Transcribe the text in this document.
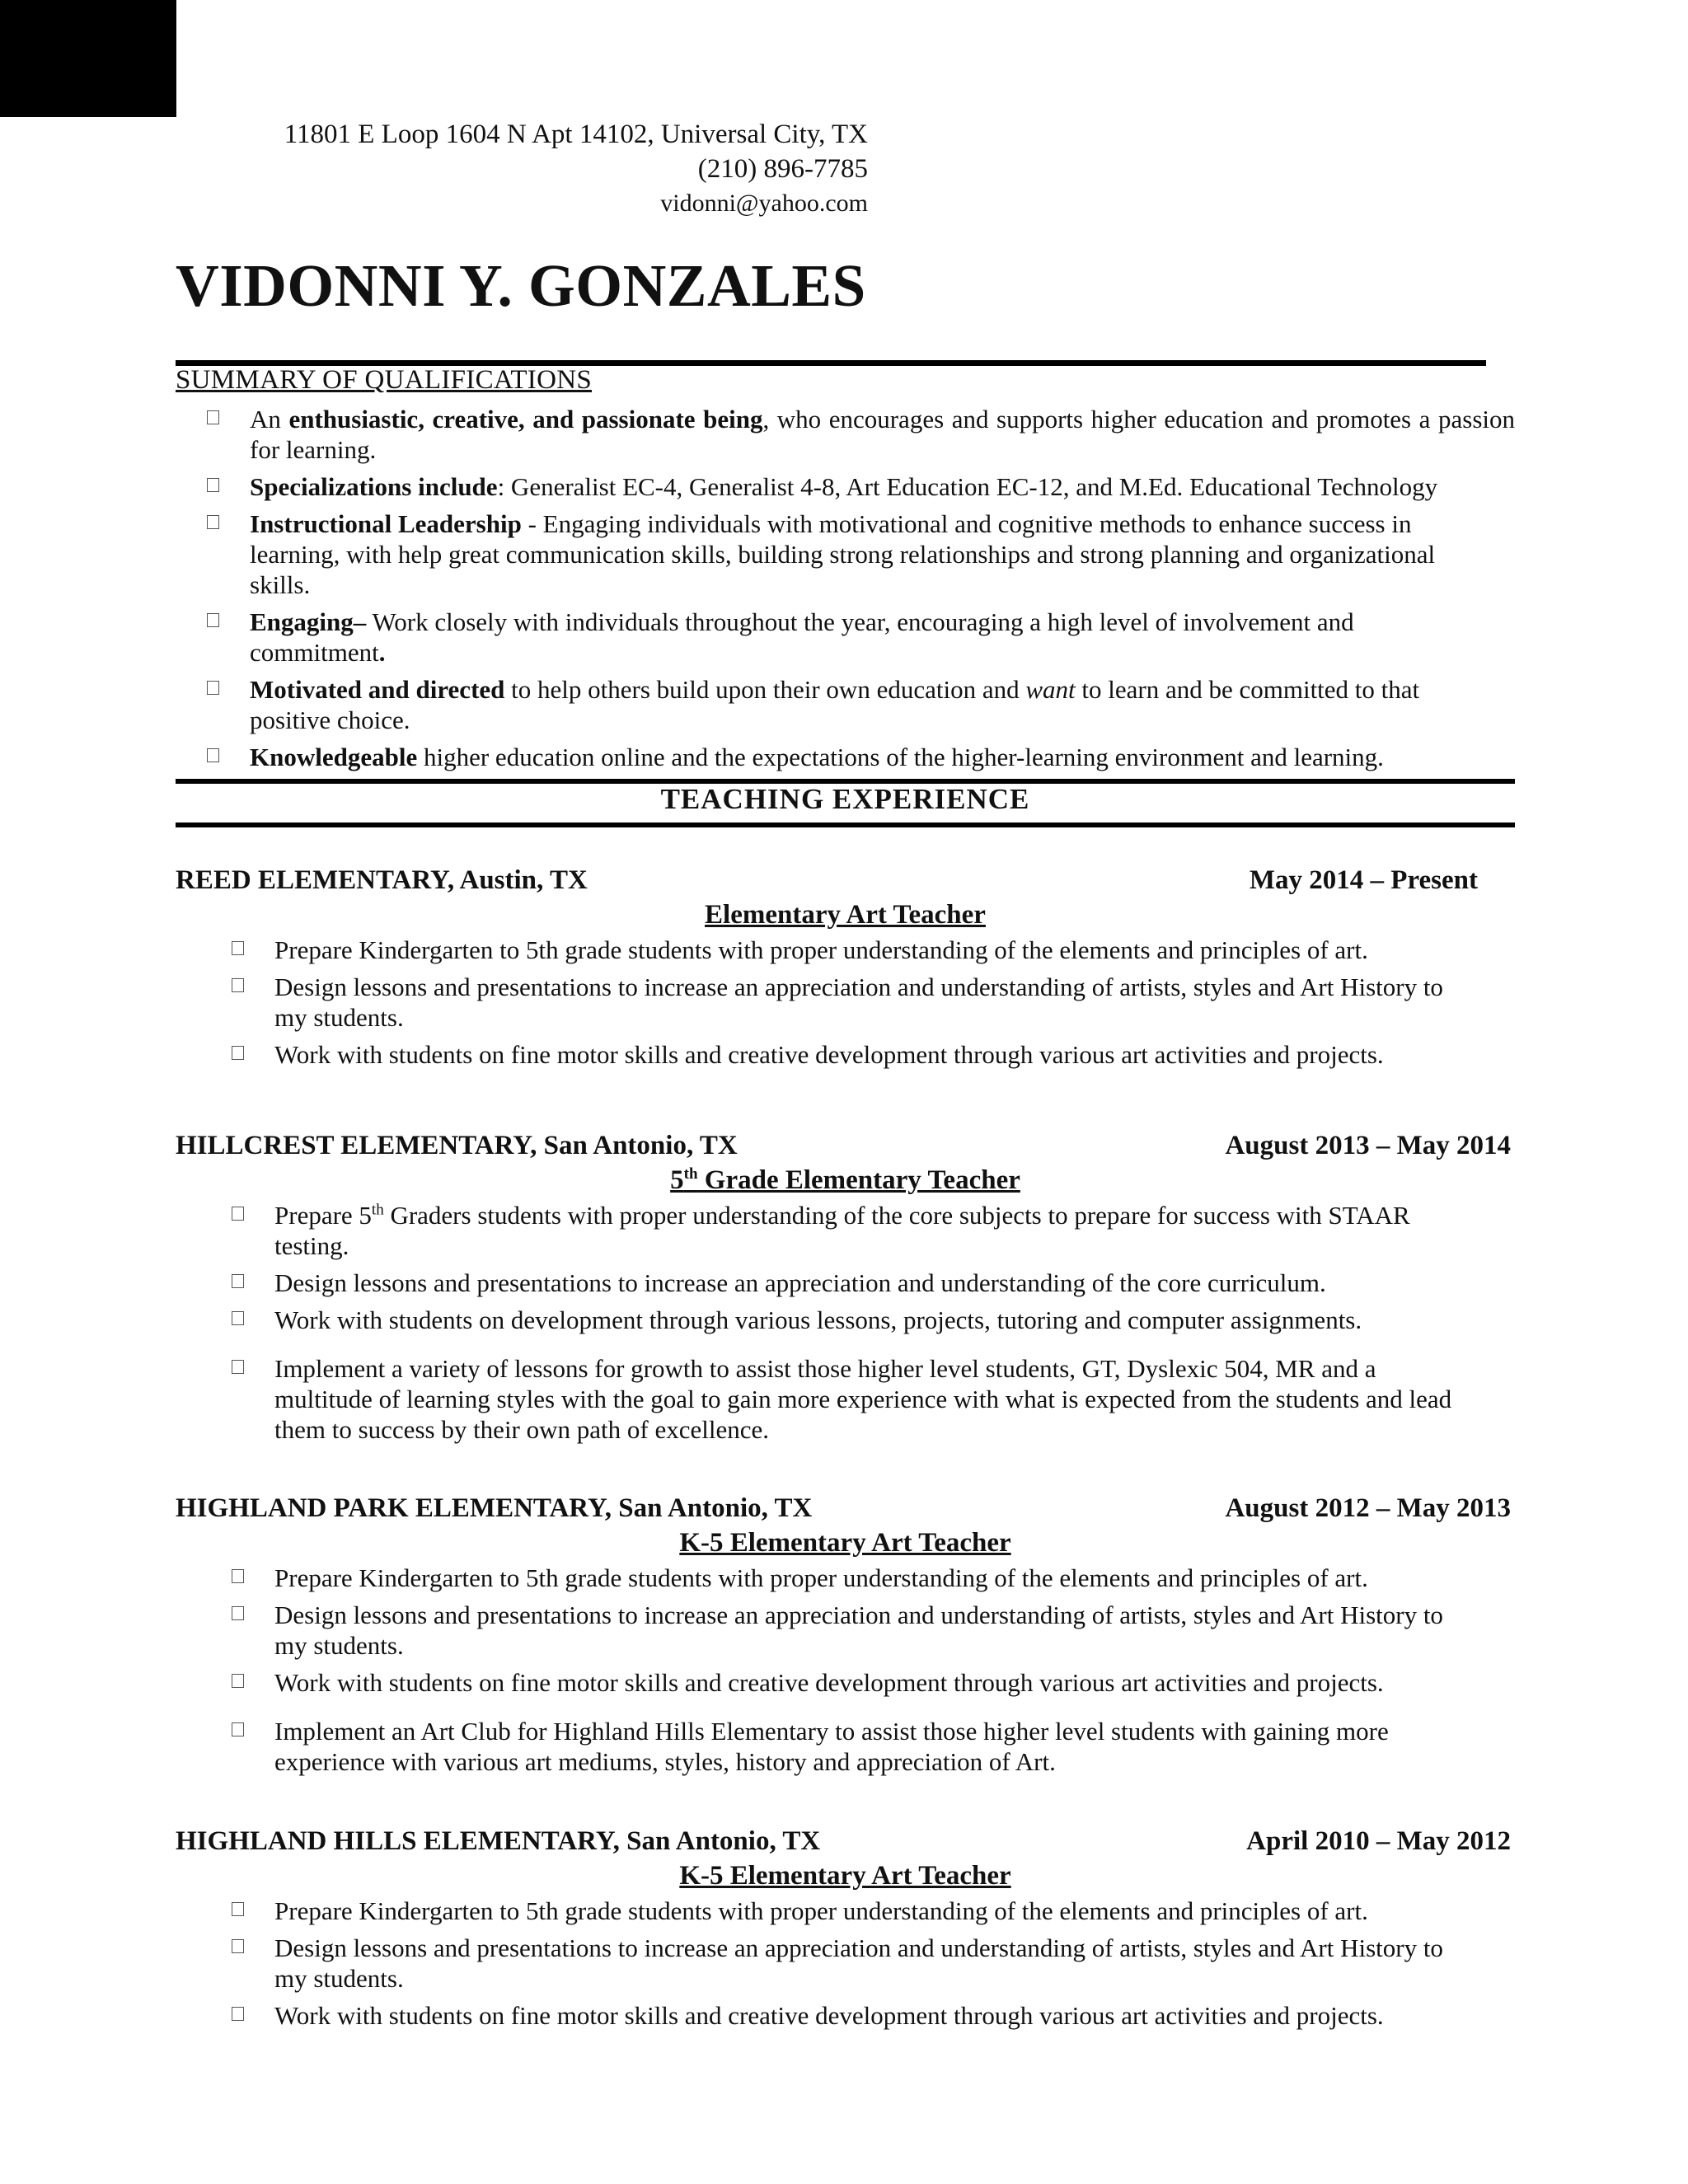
11801 E Loop 1604 N Apt 14102, Universal City, TX
(210) 896-7785
vidonni@yahoo.com
VIDONNI Y. GONZALES
SUMMARY OF QUALIFICATIONS
An enthusiastic, creative, and passionate being, who encourages and supports higher education and promotes a passion for learning.
Specializations include: Generalist EC-4, Generalist 4-8, Art Education EC-12, and M.Ed. Educational Technology
Instructional Leadership - Engaging individuals with motivational and cognitive methods to enhance success in learning, with help great communication skills, building strong relationships and strong planning and organizational skills.
Engaging– Work closely with individuals throughout the year, encouraging a high level of involvement and commitment.
Motivated and directed to help others build upon their own education and want to learn and be committed to that positive choice.
Knowledgeable higher education online and the expectations of the higher-learning environment and learning.
TEACHING EXPERIENCE
REED ELEMENTARY, Austin, TX	May 2014 – Present
Elementary Art Teacher
Prepare Kindergarten to 5th grade students with proper understanding of the elements and principles of art.
Design lessons and presentations to increase an appreciation and understanding of artists, styles and Art History to my students.
Work with students on fine motor skills and creative development through various art activities and projects.
HILLCREST ELEMENTARY, San Antonio, TX	August 2013 – May 2014
5th Grade Elementary Teacher
Prepare 5th Graders students with proper understanding of the core subjects to prepare for success with STAAR testing.
Design lessons and presentations to increase an appreciation and understanding of the core curriculum.
Work with students on development through various lessons, projects, tutoring and computer assignments.
Implement a variety of lessons for growth to assist those higher level students, GT, Dyslexic 504, MR and a multitude of learning styles with the goal to gain more experience with what is expected from the students and lead them to success by their own path of excellence.
HIGHLAND PARK ELEMENTARY, San Antonio, TX	August 2012 – May 2013
K-5 Elementary Art Teacher
Prepare Kindergarten to 5th grade students with proper understanding of the elements and principles of art.
Design lessons and presentations to increase an appreciation and understanding of artists, styles and Art History to my students.
Work with students on fine motor skills and creative development through various art activities and projects.
Implement an Art Club for Highland Hills Elementary to assist those higher level students with gaining more experience with various art mediums, styles, history and appreciation of Art.
HIGHLAND HILLS ELEMENTARY, San Antonio, TX	April 2010 – May 2012
K-5 Elementary Art Teacher
Prepare Kindergarten to 5th grade students with proper understanding of the elements and principles of art.
Design lessons and presentations to increase an appreciation and understanding of artists, styles and Art History to my students.
Work with students on fine motor skills and creative development through various art activities and projects.
